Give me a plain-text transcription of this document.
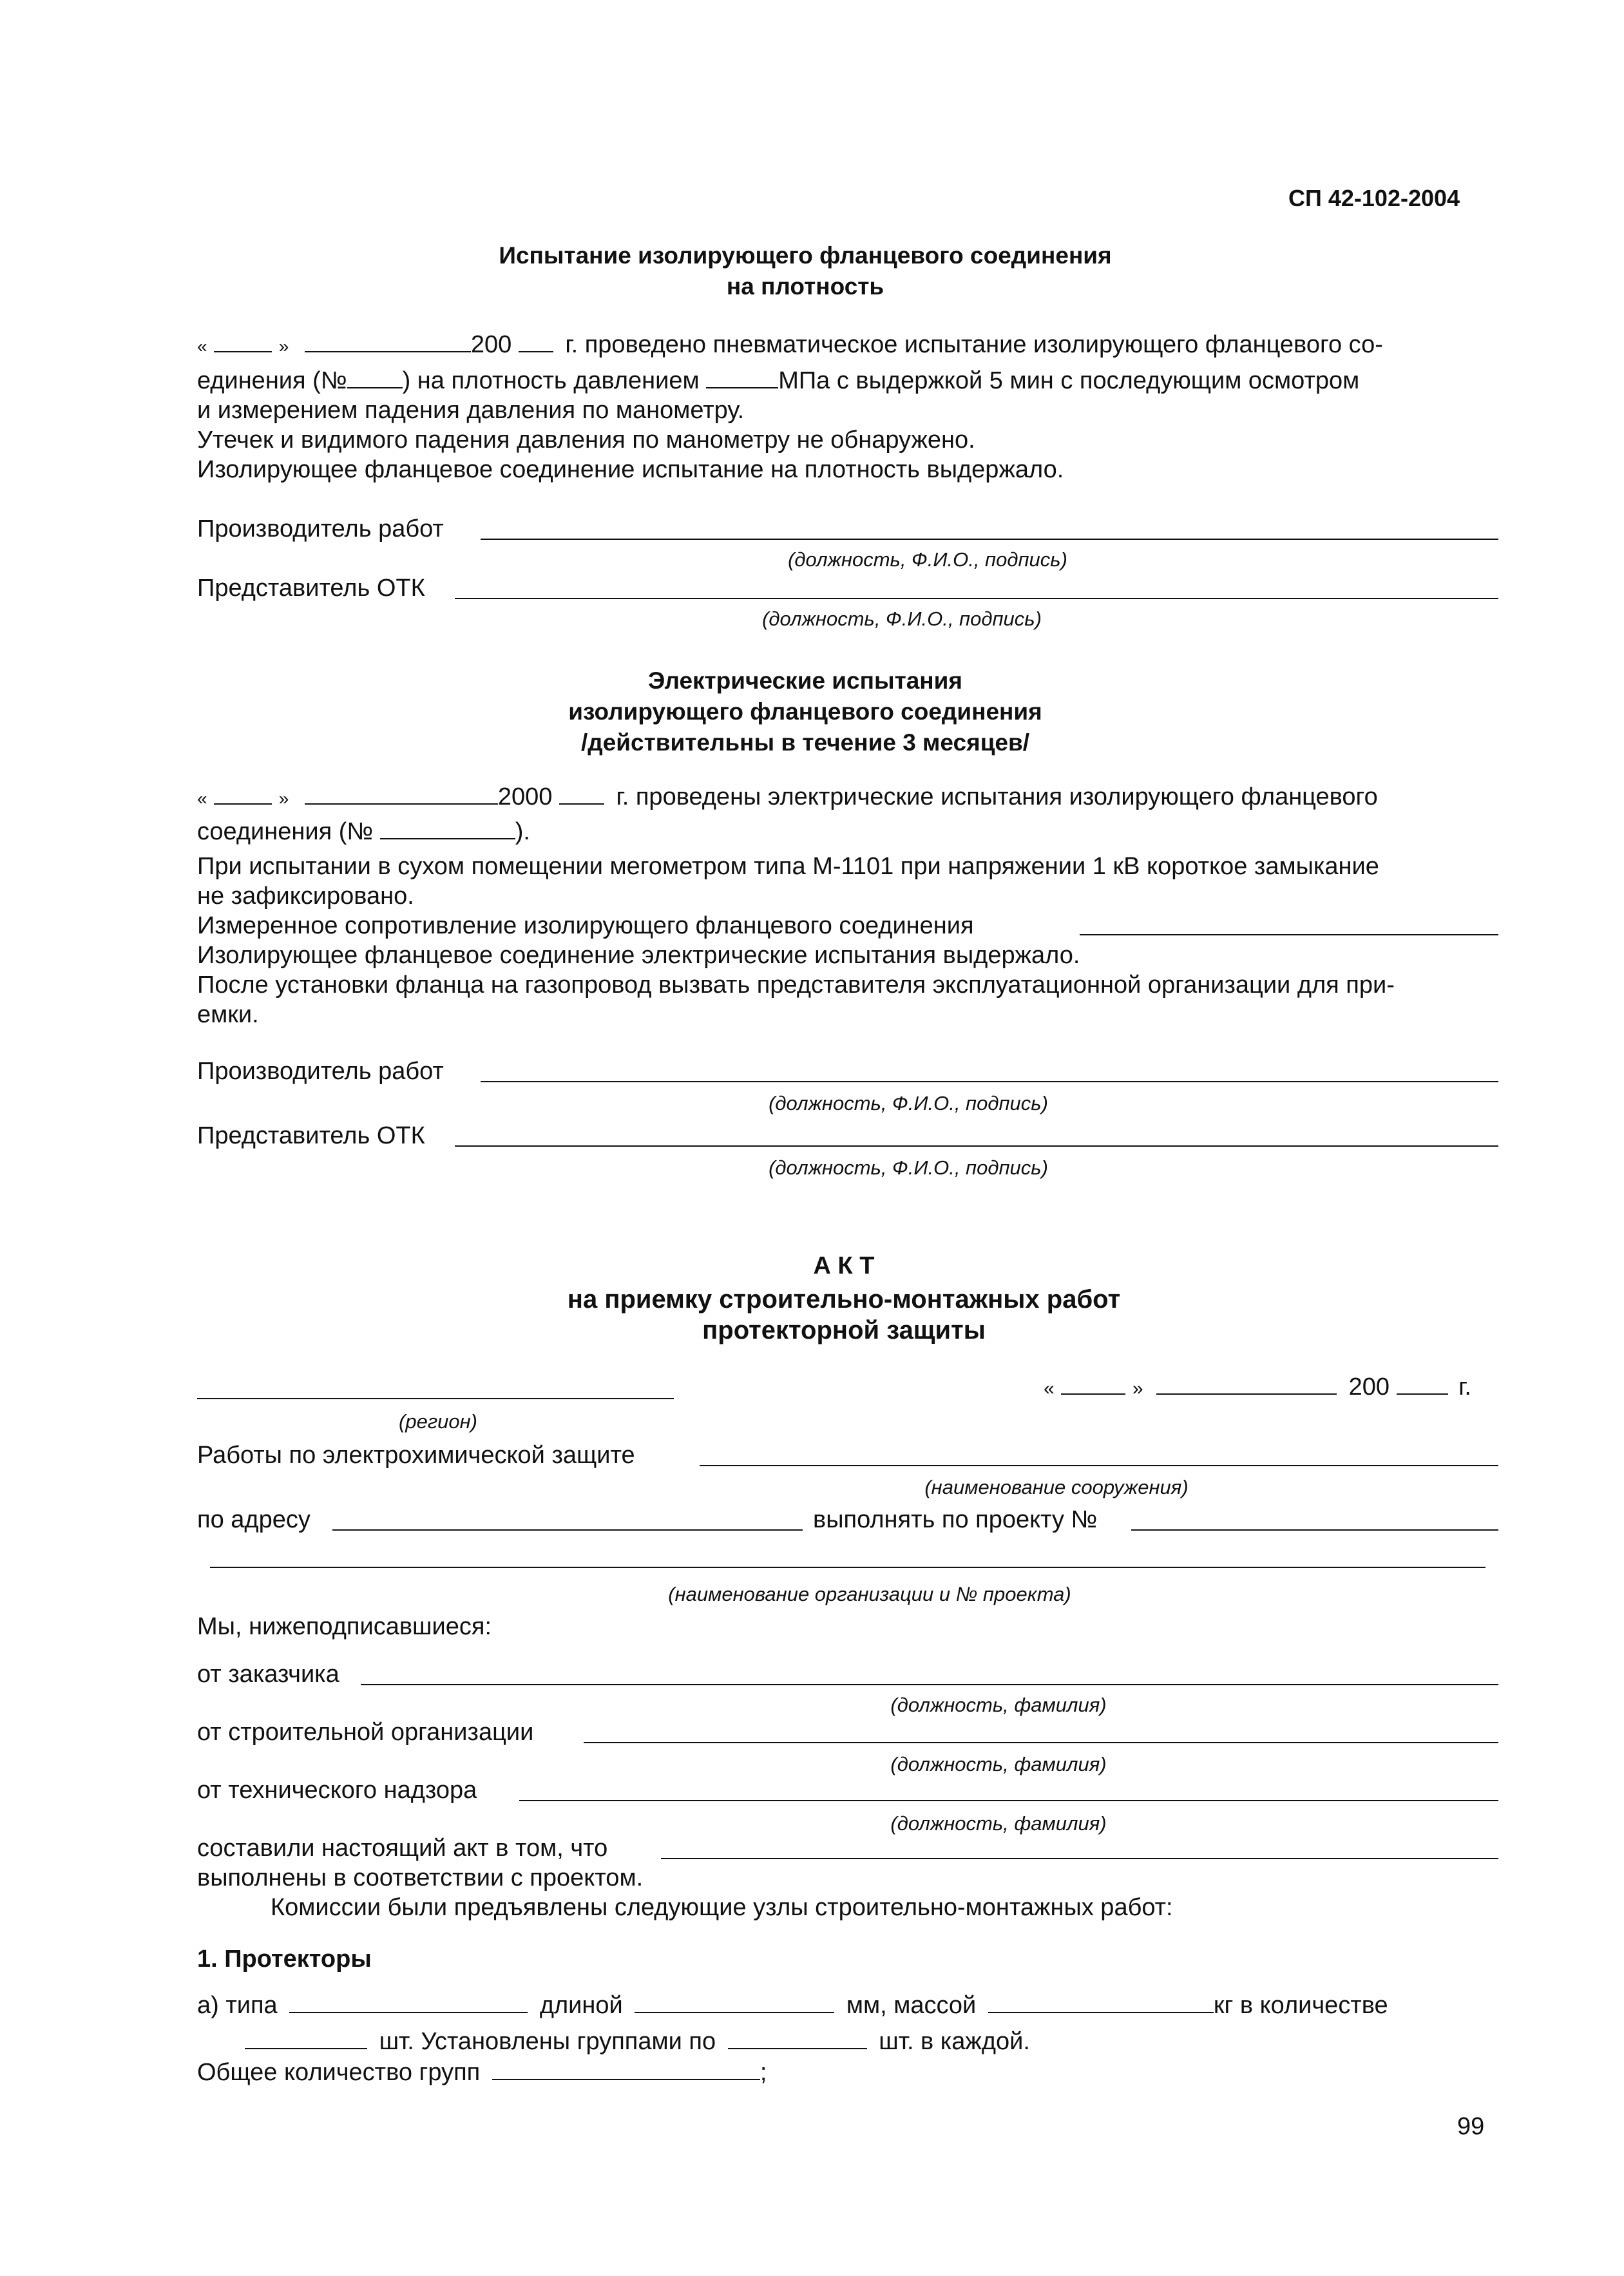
СП 42-102-2004
Испытание изолирующего фланцевого соединения
на плотность
«	»	200 г. проведено пневматическое испытание изолирующего фланцевого со-
единения (№ ) на плотность давлением	МПа с выдержкой 5 мин с последующим осмотром
и измерением падения давления по манометру.
Утечек и видимого падения давления по манометру не обнаружено.
Изолирующее фланцевое соединение испытание на плотность выдержало.
Производитель работ
(должность, Ф.И.О., подпись)
Представитель ОТК
(должность, Ф.И.О., подпись)
Электрические испытания
изолирующего фланцевого соединения
/действительны в течение 3 месяцев/
«	»	2000	г. проведены электрические испытания изолирующего фланцевого
соединения (№	).
При испытании в сухом помещении мегометром типа М-1101 при напряжении 1 кВ короткое замыкание
не зафиксировано.
Измеренное сопротивление изолирующего фланцевого соединения
Изолирующее фланцевое соединение электрические испытания выдержало.
После установки фланца на газопровод вызвать представителя эксплуатационной организации для при-
емки.
Производитель работ
(должность, Ф.И.О., подпись)
Представитель ОТК
(должность, Ф.И.О., подпись)
А К Т
на приемку строительно-монтажных работ
протекторной защиты
(регион)
«	»	200	г.
Работы по электрохимической защите
(наименование сооружения)
по адресу	выполнять по проекту №
(наименование организации и № проекта)
Мы, нижеподписавшиеся:
от заказчика
(должность, фамилия)
от строительной организации
(должность, фамилия)
от технического надзора
(должность, фамилия)
составили настоящий акт в том, что
выполнены в соответствии с проектом.
Комиссии были предъявлены следующие узлы строительно-монтажных работ:
1. Протекторы
а) типа	длиной	мм, массой	кг в количестве
шт. Установлены группами по	шт. в каждой.
Общее количество групп	;
99
